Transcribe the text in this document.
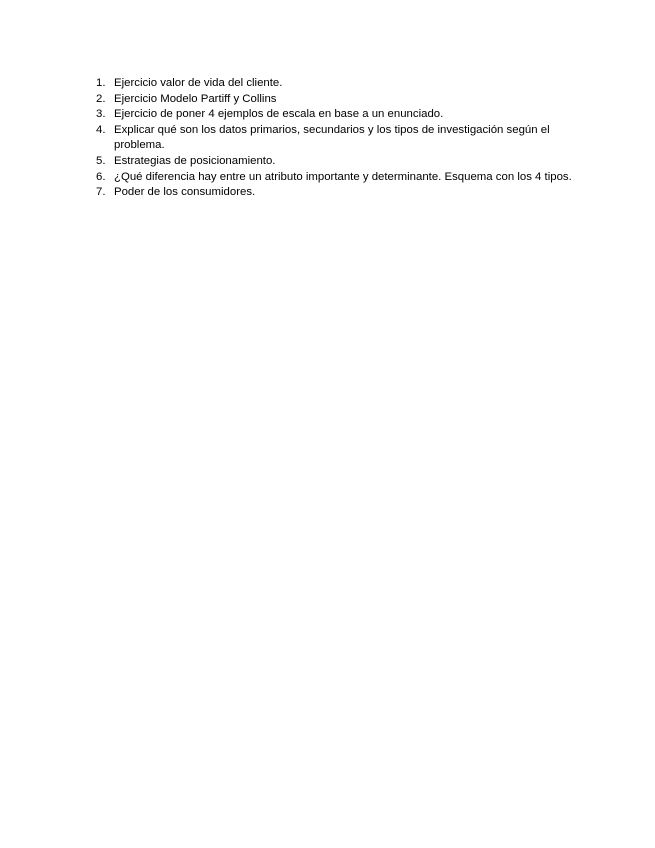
1. Ejercicio valor de vida del cliente.
2. Ejercicio Modelo Partiff y Collins
3. Ejercicio de poner 4 ejemplos de escala en base a un enunciado.
4. Explicar qué son los datos primarios, secundarios y los tipos de investigación según el problema.
5. Estrategias de posicionamiento.
6. ¿Qué diferencia hay entre un atributo importante y determinante. Esquema con los 4 tipos.
7. Poder de los consumidores.
